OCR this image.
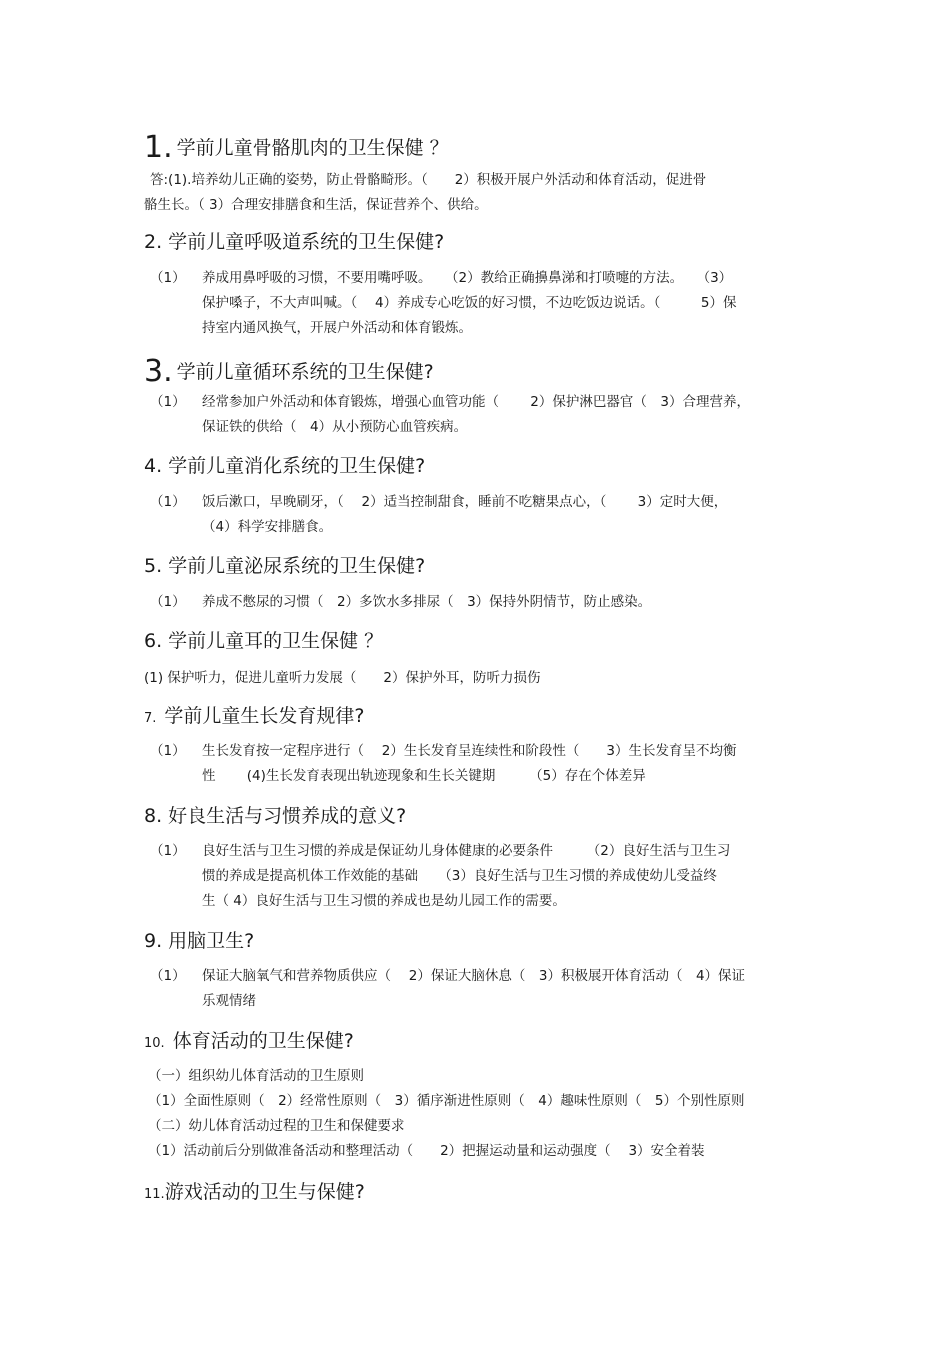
1. 学前儿童骨骼肌肉的卫生保健 ？
答:(1).培养幼儿正确的姿势，防止骨骼畸形。（　　2）积极开展户外活动和体育活动，促进骨
骼生长。（ 3）合理安排膳食和生活，保证营养个、供给。
2. 学前儿童呼吸道系统的卫生保健?
（1） 养成用鼻呼吸的习惯，不要用嘴呼吸。　　（2）教给正确擤鼻涕和打喷嚏的方法。　　（3）
保护嗓子，不大声叫喊。（　 4）养成专心吃饭的好习惯，不边吃饭边说话。（　　　5）保
持室内通风换气，开展户外活动和体育锻炼。
3. 学前儿童循环系统的卫生保健?
（1） 经常参加户外活动和体育锻炼，增强心血管功能（　　 2）保护淋巴器官（　3）合理营养，
保证铁的供给（　4）从小预防心血管疾病。
4. 学前儿童消化系统的卫生保健?
（1） 饭后漱口，早晚刷牙，（　 2）适当控制甜食，睡前不吃糖果点心，（　　 3）定时大便，
（4）科学安排膳食。
5. 学前儿童泌尿系统的卫生保健?
（1） 养成不憋尿的习惯（　2）多饮水多排尿（　3）保持外阴情节，防止感染。
6. 学前儿童耳的卫生保健 ？
(1) 保护听力，促进儿童听力发展（　　2）保护外耳，防听力损伤
7. 学前儿童生长发育规律?
（1） 生长发育按一定程序进行（　 2）生长发育呈连续性和阶段性（　　3）生长发育呈不均衡
性　　 (4)生长发育表现出轨迹现象和生长关键期　　　（5）存在个体差异
8. 好良生活与习惯养成的意义?
（1） 良好生活与卫生习惯的养成是保证幼儿身体健康的必要条件　　　（2）良好生活与卫生习
惯的养成是提高机体工作效能的基础　　（3）良好生活与卫生习惯的养成使幼儿受益终
生（ 4）良好生活与卫生习惯的养成也是幼儿园工作的需要。
9. 用脑卫生?
（1） 保证大脑氧气和营养物质供应（　 2）保证大脑休息（　3）积极展开体育活动（　4）保证
乐观情绪
10. 体育活动的卫生保健?
（一）组织幼儿体育活动的卫生原则
（1）全面性原则（　2）经常性原则（　3）循序渐进性原则（　4）趣味性原则（　5）个别性原则
（二）幼儿体育活动过程的卫生和保健要求
（1）活动前后分别做准备活动和整理活动（　　2）把握运动量和运动强度（　 3）安全着装
11.游戏活动的卫生与保健?
